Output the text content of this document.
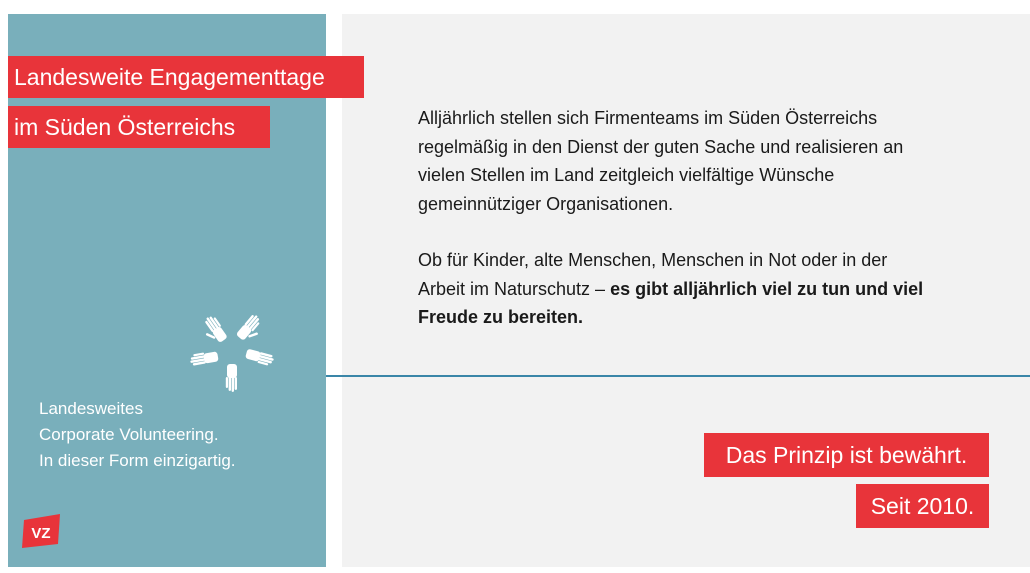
Landesweite Engagementtage
im Süden Österreichs	Alljährlich stellen sich Firmenteams im Süden Österreichs regelmäßig in den Dienst der guten Sache und realisieren an vielen Stellen im Land zeitgleich vielfältige Wünsche gemeinnütziger Organisationen.

Ob für Kinder, alte Menschen, Menschen in Not oder in der Arbeit im Naturschutz – es gibt alljährlich viel zu tun und viel Freude zu bereiten.

Landesweites
Corporate Volunteering.
In dieser Form einzigartig.	Das Prinzip ist bewährt.
Seit 2010.
VZ
